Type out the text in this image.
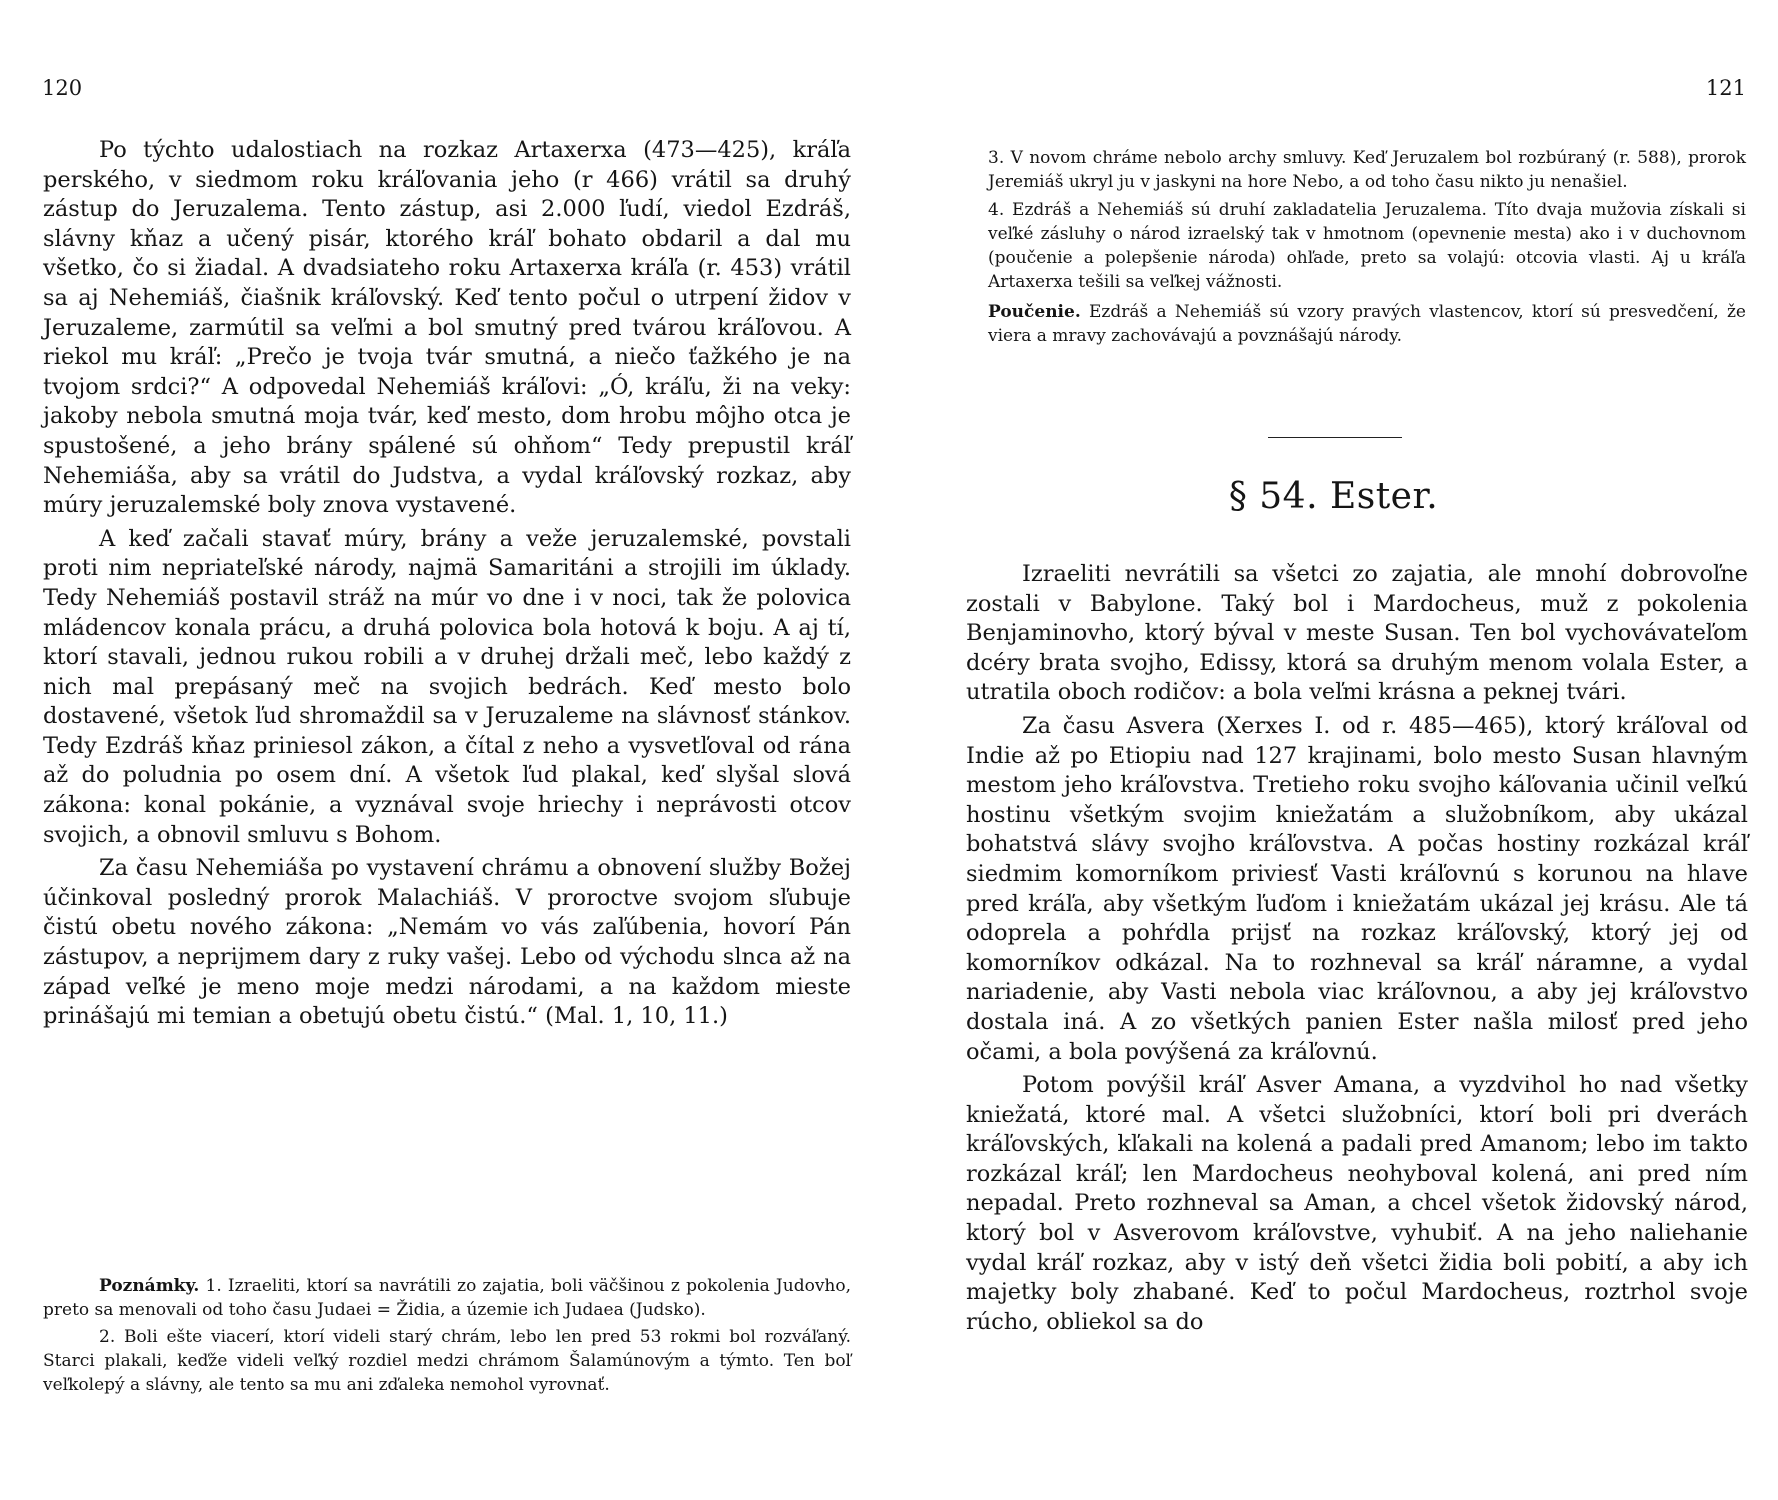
120

Po týchto udalostiach na rozkaz Artaxerxa (473—425), kráľa perského, v siedmom roku kráľovania jeho (r 466) vrátil sa druhý zástup do Jeruzalema. Tento zástup, asi 2.000 ľudí, viedol Ezdráš, slávny kňaz a učený pisár, ktorého kráľ bohato obdaril a dal mu všetko, čo si žiadal. A dvadsiateho roku Artaxerxa kráľa (r. 453) vrátil sa aj Nehemiáš, čiašnik kráľovský. Keď tento počul o utrpení židov v Jeruzaleme, zarmútil sa veľmi a bol smutný pred tvárou kráľovou. A riekol mu kráľ: „Prečo je tvoja tvár smutná, a niečo ťažkého je na tvojom srdci?“ A odpovedal Nehemiáš kráľovi: „Ó, kráľu, ži na veky: jakoby nebola smutná moja tvár, keď mesto, dom hrobu môjho otca je spustošené, a jeho brány spálené sú ohňom“ Tedy prepustil kráľ Nehemiáša, aby sa vrátil do Judstva, a vydal kráľovský rozkaz, aby múry jeruzalemské boly znova vystavené.

A keď začali stavať múry, brány a veže jeruzalemské, povstali proti nim nepriateľské národy, najmä Samaritáni a strojili im úklady. Tedy Nehemiáš postavil stráž na múr vo dne i v noci, tak že polovica mládencov konala prácu, a druhá polovica bola hotová k boju. A aj tí, ktorí stavali, jednou rukou robili a v druhej držali meč, lebo každý z nich mal prepásaný meč na svojich bedrách. Keď mesto bolo dostavené, všetok ľud shromaždil sa v Jeruzaleme na slávnosť stánkov. Tedy Ezdráš kňaz priniesol zákon, a čítal z neho a vysvetľoval od rána až do poludnia po osem dní. A všetok ľud plakal, keď slyšal slová zákona: konal pokánie, a vyznával svoje hriechy i neprávosti otcov svojich, a obnovil smluvu s Bohom.

Za času Nehemiáša po vystavení chrámu a obnovení služby Božej účinkoval posledný prorok Malachiáš. V proroctve svojom sľubuje čistú obetu nového zákona: „Nemám vo vás zaľúbenia, hovorí Pán zástupov, a neprijmem dary z ruky vašej. Lebo od východu slnca až na západ veľké je meno moje medzi národami, a na každom mieste prinášajú mi temian a obetujú obetu čistú.“ (Mal. 1, 10, 11.)

Poznámky. 1. Izraeliti, ktorí sa navrátili zo zajatia, boli väčšinou z pokolenia Judovho, preto sa menovali od toho času Judaei = Židia, a územie ich Judaea (Judsko).

2. Boli ešte viacerí, ktorí videli starý chrám, lebo len pred 53 rokmi bol rozváľaný. Starci plakali, keďže videli veľký rozdiel medzi chrámom Šalamúnovým a týmto. Ten boľ veľkolepý a slávny, ale tento sa mu ani zďaleka nemohol vyrovnať.

121

3. V novom chráme nebolo archy smluvy. Keď Jeruzalem bol rozbúraný (r. 588), prorok Jeremiáš ukryl ju v jaskyni na hore Nebo, a od toho času nikto ju nenašiel.

4. Ezdráš a Nehemiáš sú druhí zakladatelia Jeruzalema. Títo dvaja mužovia získali si veľké zásluhy o národ izraelský tak v hmotnom (opevnenie mesta) ako i v duchovnom (poučenie a polepšenie národa) ohľade, preto sa volajú: otcovia vlasti. Aj u kráľa Artaxerxa tešili sa veľkej vážnosti.

Poučenie. Ezdráš a Nehemiáš sú vzory pravých vlastencov, ktorí sú presvedčení, že viera a mravy zachovávajú a povznášajú národy.

§ 54. Ester.

Izraeliti nevrátili sa všetci zo zajatia, ale mnohí dobrovoľne zostali v Babylone. Taký bol i Mardocheus, muž z pokolenia Benjaminovho, ktorý býval v meste Susan. Ten bol vychovávateľom dcéry brata svojho, Edissy, ktorá sa druhým menom volala Ester, a utratila oboch rodičov: a bola veľmi krásna a peknej tvári.

Za času Asvera (Xerxes I. od r. 485—465), ktorý kráľoval od Indie až po Etiopiu nad 127 krajinami, bolo mesto Susan hlavným mestom jeho kráľovstva. Tretieho roku svojho káľovania učinil veľkú hostinu všetkým svojim kniežatám a služobníkom, aby ukázal bohatstvá slávy svojho kráľovstva. A počas hostiny rozkázal kráľ siedmim komorníkom priviesť Vasti kráľovnú s korunou na hlave pred kráľa, aby všetkým ľuďom i kniežatám ukázal jej krásu. Ale tá odoprela a pohŕdla prijsť na rozkaz kráľovský, ktorý jej od komorníkov odkázal. Na to rozhneval sa kráľ náramne, a vydal nariadenie, aby Vasti nebola viac kráľovnou, a aby jej kráľovstvo dostala iná. A zo všetkých panien Ester našla milosť pred jeho očami, a bola povýšená za kráľovnú.

Potom povýšil kráľ Asver Amana, a vyzdvihol ho nad všetky kniežatá, ktoré mal. A všetci služobníci, ktorí boli pri dverách kráľovských, kľakali na kolená a padali pred Amanom; lebo im takto rozkázal kráľ; len Mardocheus neohyboval kolená, ani pred ním nepadal. Preto rozhneval sa Aman, a chcel všetok židovský národ, ktorý bol v Asverovom kráľovstve, vyhubiť. A na jeho naliehanie vydal kráľ rozkaz, aby v istý deň všetci židia boli pobití, a aby ich majetky boly zhabané. Keď to počul Mardocheus, roztrhol svoje rúcho, obliekol sa do
